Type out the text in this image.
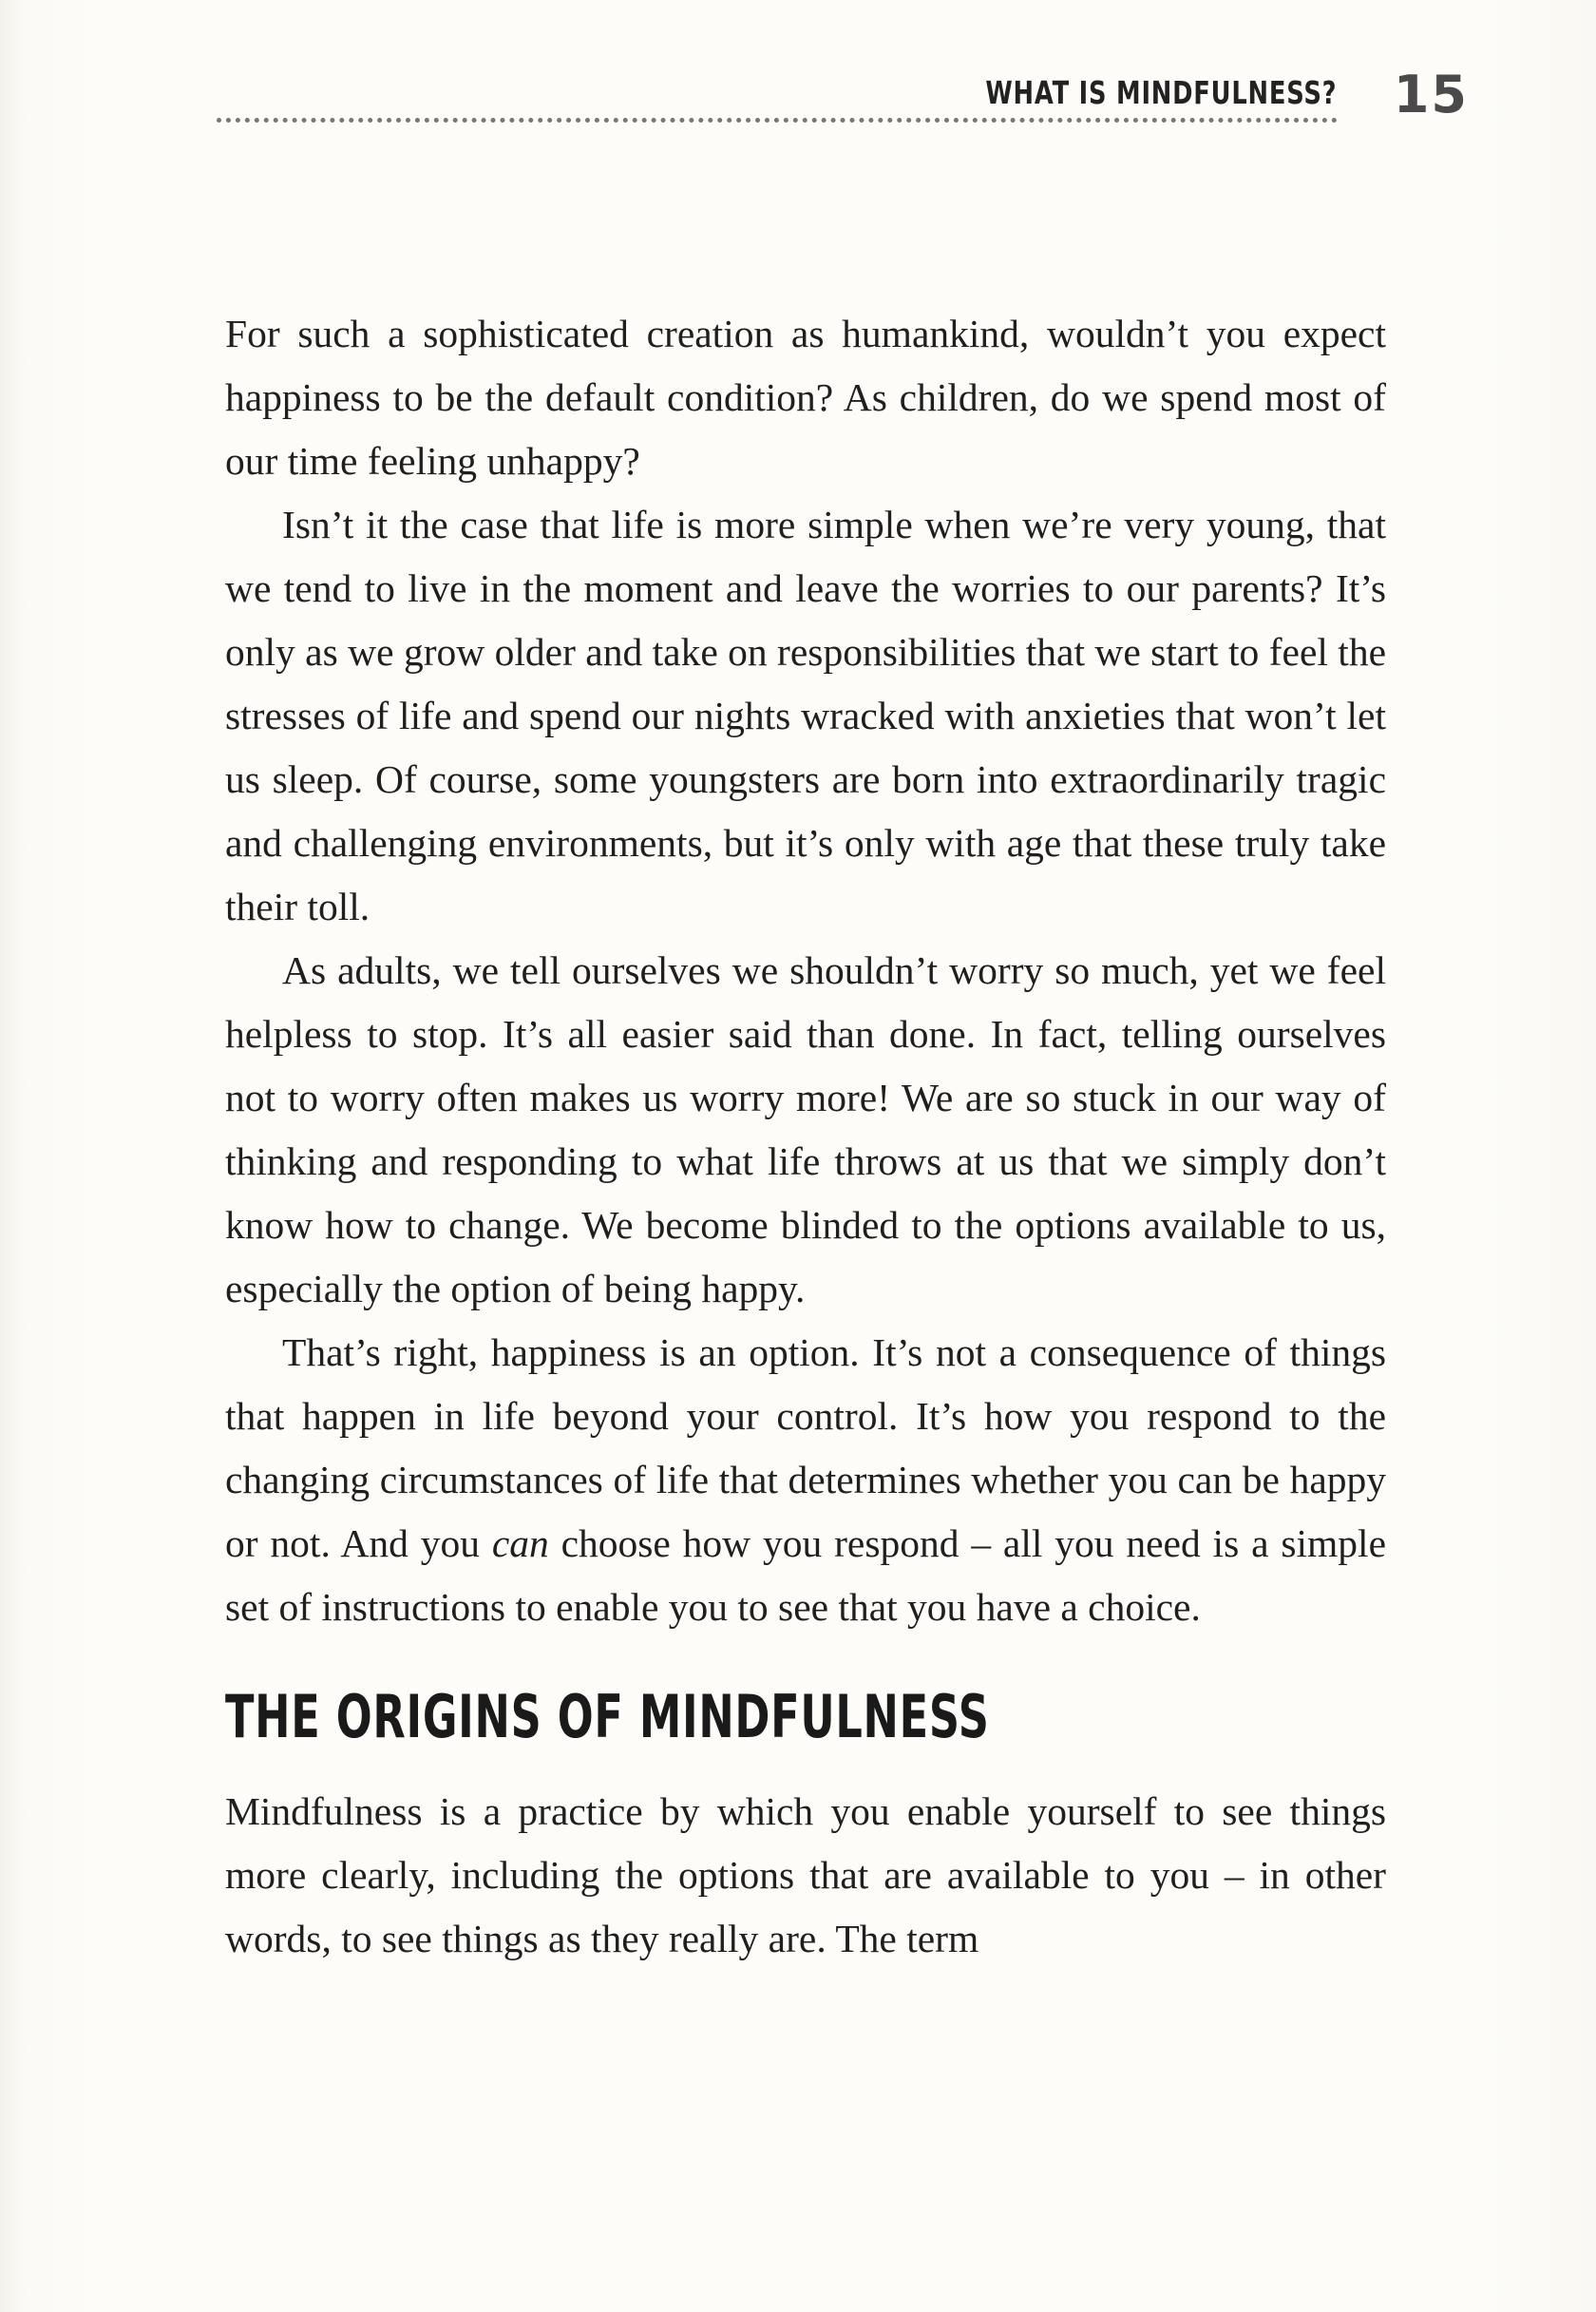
WHAT IS MINDFULNESS? 15

For such a sophisticated creation as humankind, wouldn’t you expect happiness to be the default condition? As children, do we spend most of our time feeling unhappy?

Isn’t it the case that life is more simple when we’re very young, that we tend to live in the moment and leave the worries to our parents? It’s only as we grow older and take on responsibilities that we start to feel the stresses of life and spend our nights wracked with anxieties that won’t let us sleep. Of course, some youngsters are born into extraordinarily tragic and challenging environments, but it’s only with age that these truly take their toll.

As adults, we tell ourselves we shouldn’t worry so much, yet we feel helpless to stop. It’s all easier said than done. In fact, telling ourselves not to worry often makes us worry more! We are so stuck in our way of thinking and responding to what life throws at us that we simply don’t know how to change. We become blinded to the options available to us, especially the option of being happy.

That’s right, happiness is an option. It’s not a consequence of things that happen in life beyond your control. It’s how you respond to the changing circumstances of life that determines whether you can be happy or not. And you can choose how you respond – all you need is a simple set of instructions to enable you to see that you have a choice.

THE ORIGINS OF MINDFULNESS

Mindfulness is a practice by which you enable yourself to see things more clearly, including the options that are available to you – in other words, to see things as they really are. The term
